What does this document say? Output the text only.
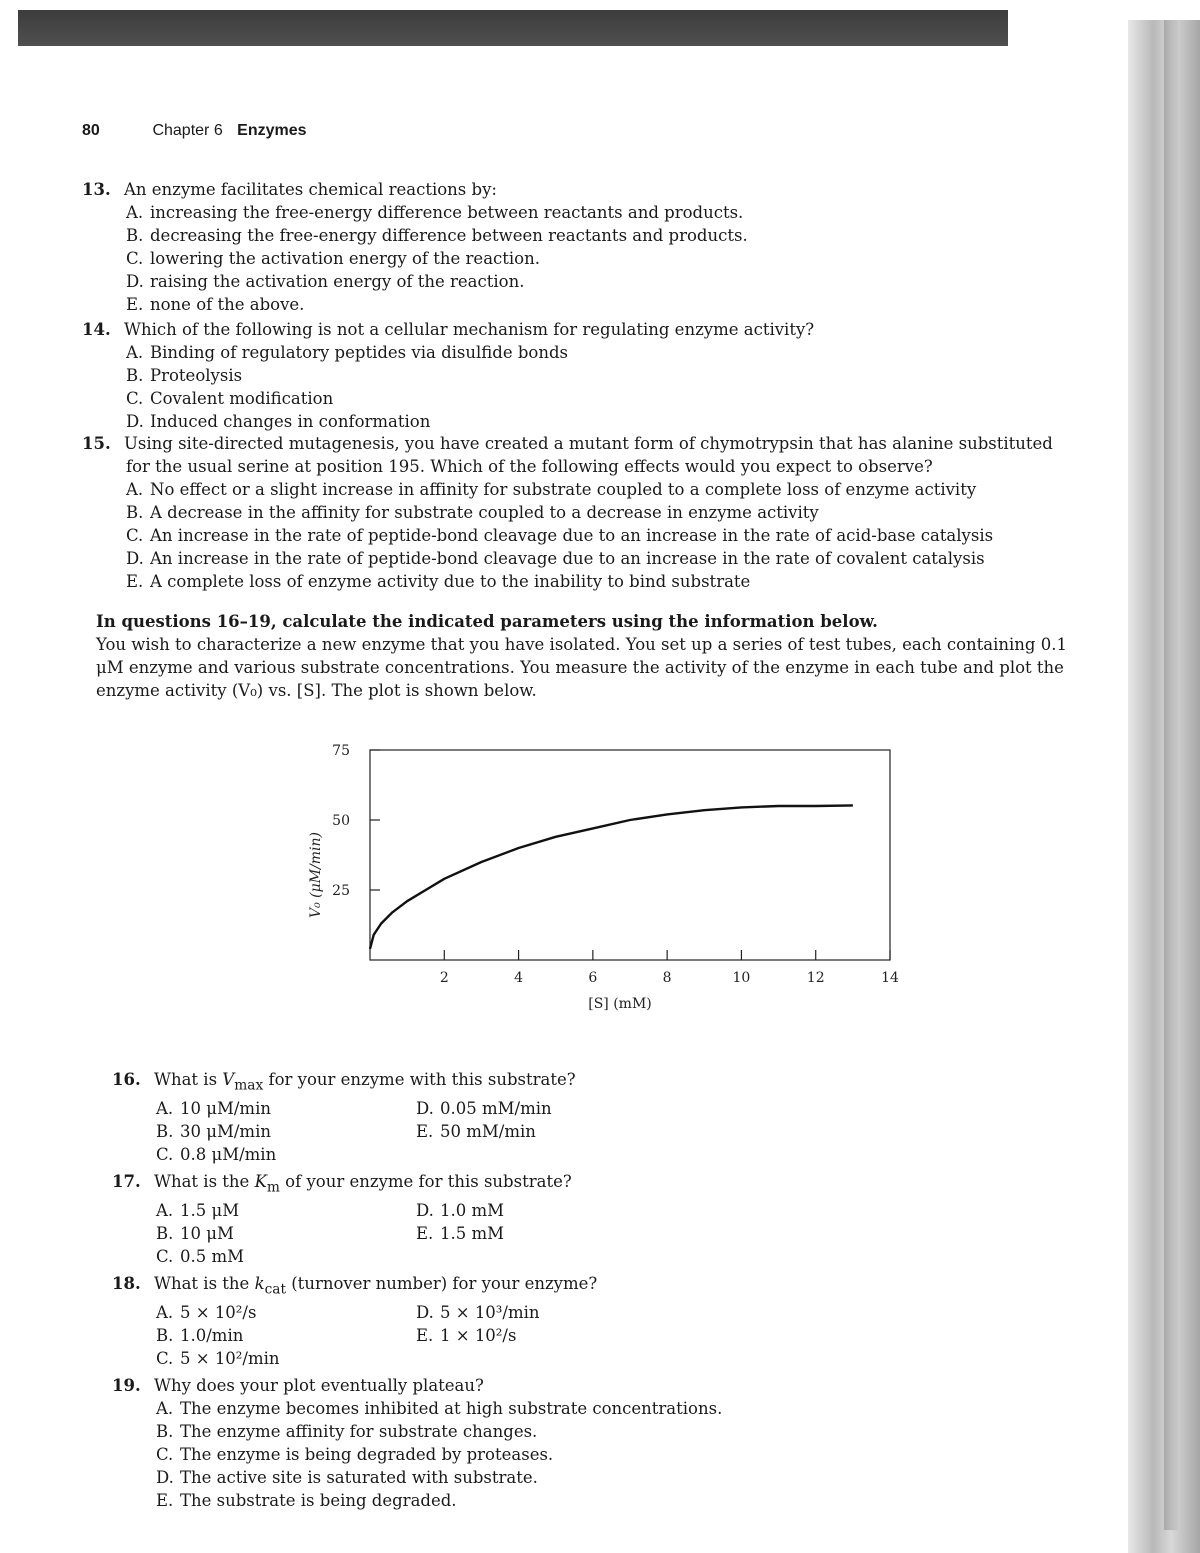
80	Chapter 6 Enzymes
13. An enzyme facilitates chemical reactions by:
A. increasing the free-energy difference between reactants and products.
B. decreasing the free-energy difference between reactants and products.
C. lowering the activation energy of the reaction.
D. raising the activation energy of the reaction.
E. none of the above.
14. Which of the following is not a cellular mechanism for regulating enzyme activity?
A. Binding of regulatory peptides via disulfide bonds
B. Proteolysis
C. Covalent modification
D. Induced changes in conformation
15. Using site-directed mutagenesis, you have created a mutant form of chymotrypsin that has alanine substituted
for the usual serine at position 195. Which of the following effects would you expect to observe?
A. No effect or a slight increase in affinity for substrate coupled to a complete loss of enzyme activity
B. A decrease in the affinity for substrate coupled to a decrease in enzyme activity
C. An increase in the rate of peptide-bond cleavage due to an increase in the rate of acid-base catalysis
D. An increase in the rate of peptide-bond cleavage due to an increase in the rate of covalent catalysis
E. A complete loss of enzyme activity due to the inability to bind substrate
In questions 16–19, calculate the indicated parameters using the information below.
You wish to characterize a new enzyme that you have isolated. You set up a series of test tubes, each containing 0.1
μM enzyme and various substrate concentrations. You measure the activity of the enzyme in each tube and plot the
enzyme activity (V₀) vs. [S]. The plot is shown below.
25
50
75
2	4	6	8	10	12	14
[S] (mM)
V₀ (μM/min)
16. What is $V_{max}$ for your enzyme with this substrate?
A. 10 μM/min
B. 30 μM/min
C. 0.8 μM/min
D. 0.05 mM/min
E. 50 mM/min
17. What is the $K_m$ of your enzyme for this substrate?
A. 1.5 μM
B. 10 μM
C. 0.5 mM
D. 1.0 mM
E. 1.5 mM
18. What is the $k_{cat}$ (turnover number) for your enzyme?
A. 5 × 10²/s
B. 1.0/min
C. 5 × 10²/min
D. 5 × 10³/min
E. 1 × 10²/s
19. Why does your plot eventually plateau?
A. The enzyme becomes inhibited at high substrate concentrations.
B. The enzyme affinity for substrate changes.
C. The enzyme is being degraded by proteases.
D. The active site is saturated with substrate.
E. The substrate is being degraded.
